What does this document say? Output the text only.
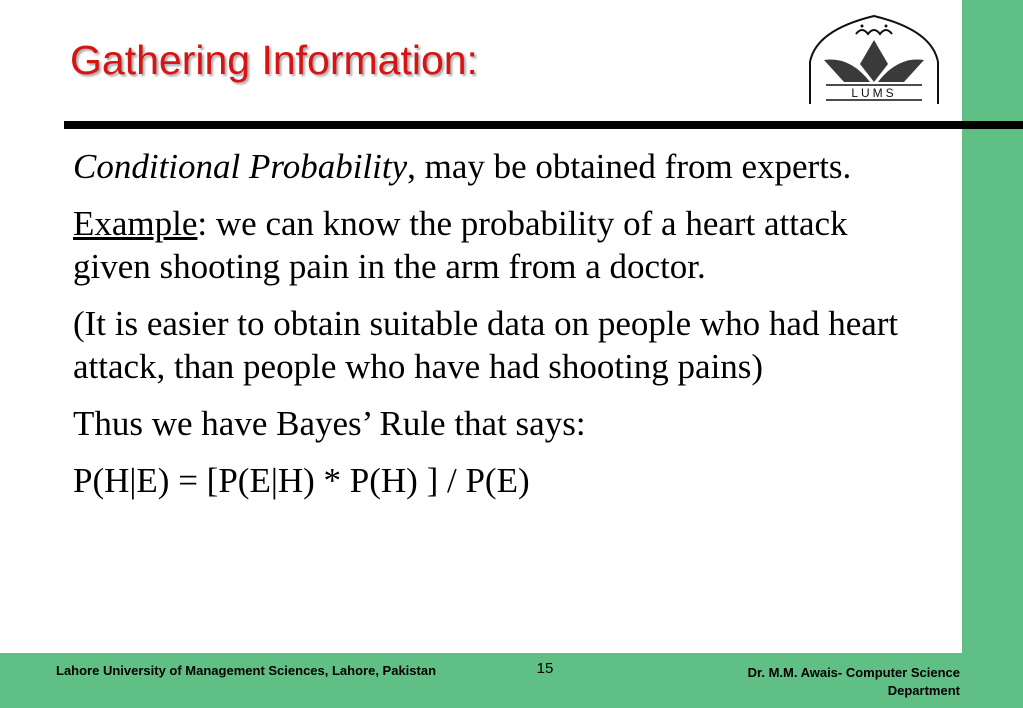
Gathering Information:
LUMS

Conditional Probability, may be obtained from experts.

Example: we can know the probability of a heart attack given shooting pain in the arm from a doctor.

(It is easier to obtain suitable data on people who had heart attack, than people who have had shooting pains)

Thus we have Bayes’ Rule that says:

P(H|E) = [P(E|H) * P(H) ] / P(E)

Lahore University of Management Sciences, Lahore, Pakistan	15	Dr. M.M. Awais- Computer Science Department
